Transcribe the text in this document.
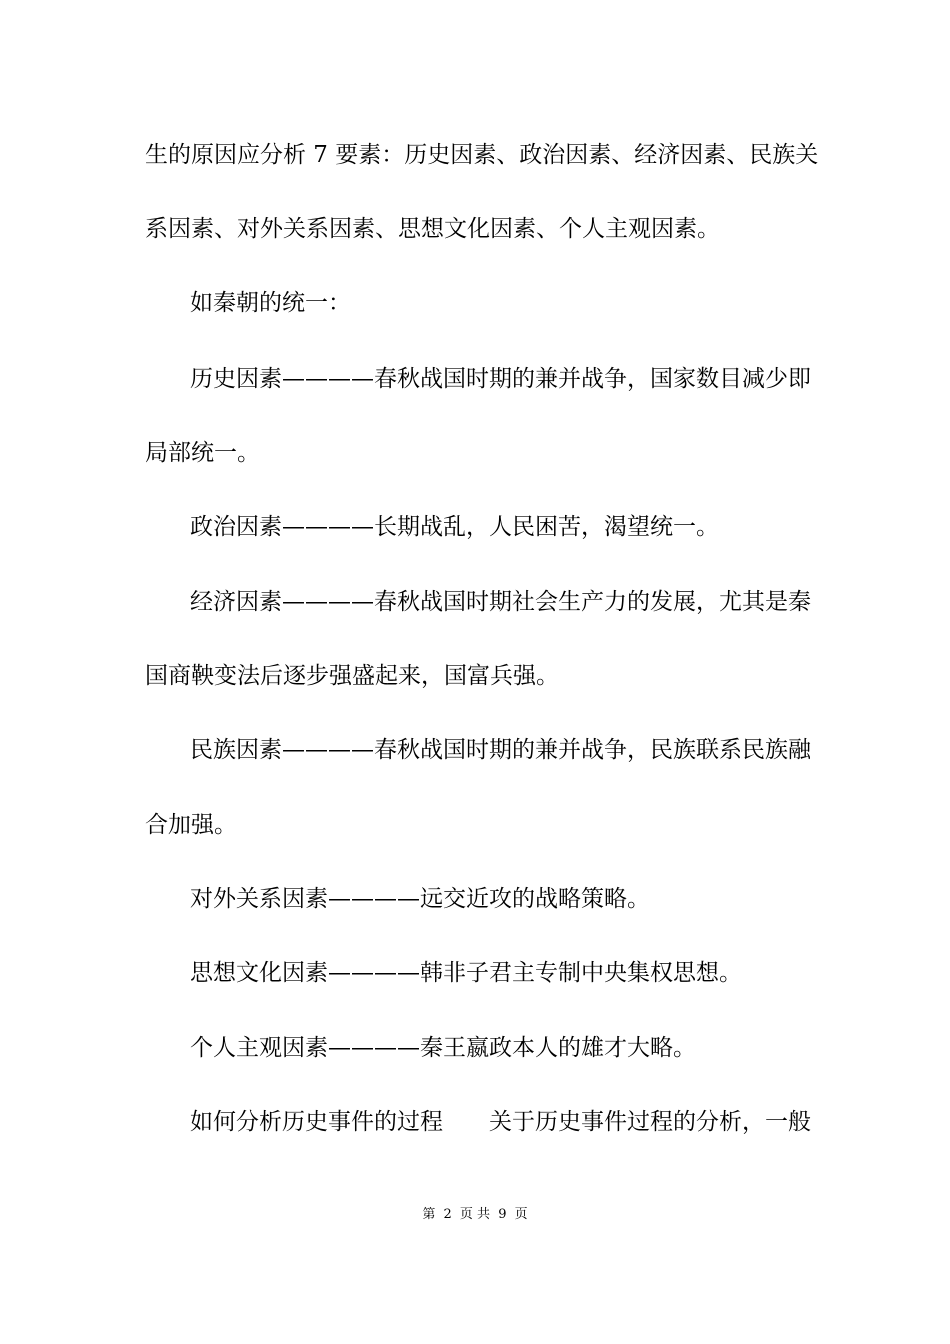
生的原因应分析 7 要素：历史因素、政治因素、经济因素、民族关
系因素、对外关系因素、思想文化因素、个人主观因素。
如秦朝的统一：
历史因素————春秋战国时期的兼并战争，国家数目减少即
局部统一。
政治因素————长期战乱，人民困苦，渴望统一。
经济因素————春秋战国时期社会生产力的发展，尤其是秦
国商鞅变法后逐步强盛起来，国富兵强。
民族因素————春秋战国时期的兼并战争，民族联系民族融
合加强。
对外关系因素————远交近攻的战略策略。
思想文化因素————韩非子君主专制中央集权思想。
个人主观因素————秦王嬴政本人的雄才大略。
如何分析历史事件的过程 关于历史事件过程的分析，一般
第 2 页 共 9 页
